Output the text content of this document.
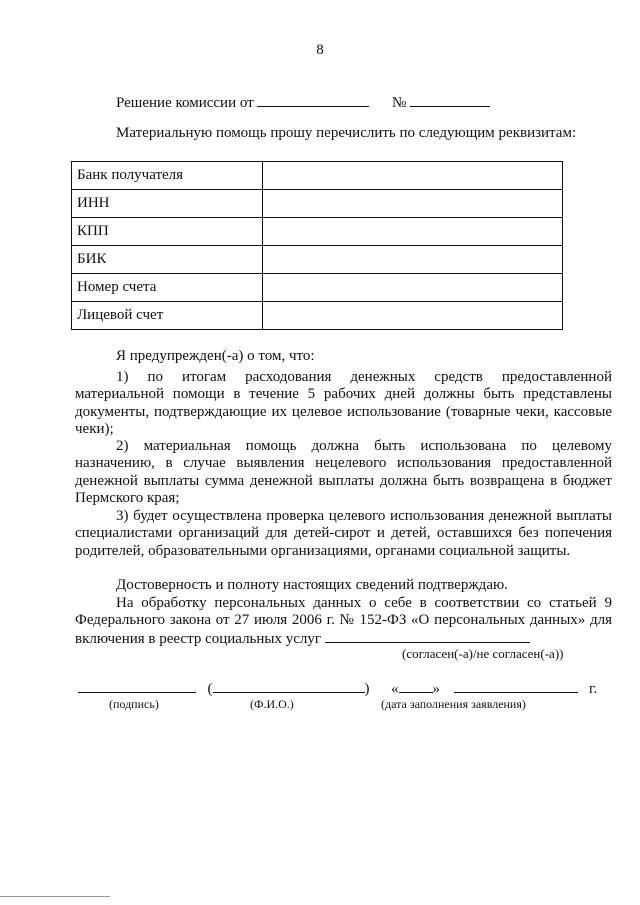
8
Решение комиссии от	№
Материальную помощь прошу перечислить по следующим реквизитам:
Банк получателя	
ИНН	
КПП	
БИК	
Номер счета	
Лицевой счет	
Я предупрежден(-а) о том, что:
1) по итогам расходования денежных средств предоставленной материальной помощи в течение 5 рабочих дней должны быть представлены документы, подтверждающие их целевое использование (товарные чеки, кассовые чеки);
2) материальная помощь должна быть использована по целевому назначению, в случае выявления нецелевого использования предоставленной денежной выплаты сумма денежной выплаты должна быть возвращена в бюджет Пермского края;
3) будет осуществлена проверка целевого использования денежной выплаты специалистами организаций для детей-сирот и детей, оставшихся без попечения родителей, образовательными организациями, органами социальной защиты.
Достоверность и полноту настоящих сведений подтверждаю.
На обработку персональных данных о себе в соответствии со статьей 9 Федерального закона от 27 июля 2006 г. № 152-ФЗ «О персональных данных» для включения в реестр социальных услуг
(согласен(-а)/не согласен(-а))
(	) « »	г.
(подпись)	(Ф.И.О.)	(дата заполнения заявления)
